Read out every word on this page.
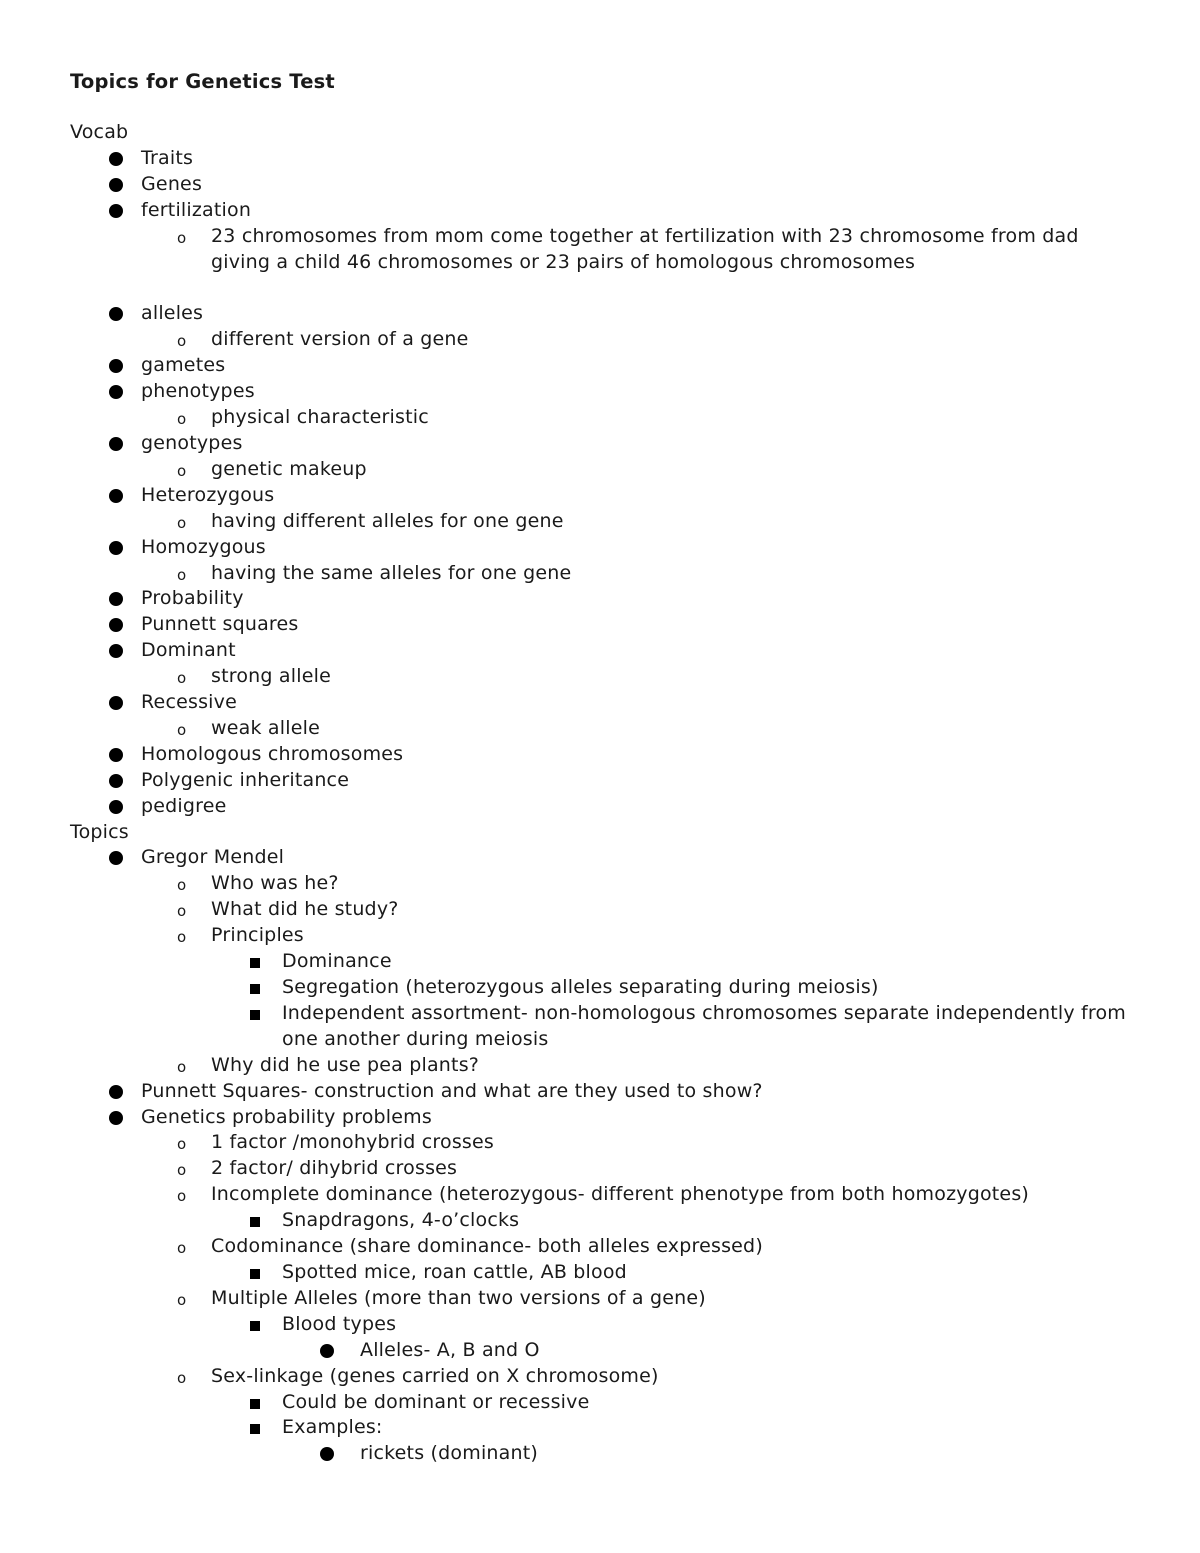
Topics for Genetics Test
Vocab
Traits
Genes
fertilization
o 23 chromosomes from mom come together at fertilization with 23 chromosome from dad giving a child 46 chromosomes or 23 pairs of homologous chromosomes
alleles
o different version of a gene
gametes
phenotypes
o physical characteristic
genotypes
o genetic makeup
Heterozygous
o having different alleles for one gene
Homozygous
o having the same alleles for one gene
Probability
Punnett squares
Dominant
o strong allele
Recessive
o weak allele
Homologous chromosomes
Polygenic inheritance
pedigree
Topics
Gregor Mendel
o Who was he?
o What did he study?
o Principles
Dominance
Segregation (heterozygous alleles separating during meiosis)
Independent assortment- non-homologous chromosomes separate independently from one another during meiosis
o Why did he use pea plants?
Punnett Squares- construction and what are they used to show?
Genetics probability problems
o 1 factor /monohybrid crosses
o 2 factor/ dihybrid crosses
o Incomplete dominance (heterozygous- different phenotype from both homozygotes)
Snapdragons, 4-o’clocks
o Codominance (share dominance- both alleles expressed)
Spotted mice, roan cattle, AB blood
o Multiple Alleles (more than two versions of a gene)
Blood types
Alleles- A, B and O
o Sex-linkage (genes carried on X chromosome)
Could be dominant or recessive
Examples:
rickets (dominant)
